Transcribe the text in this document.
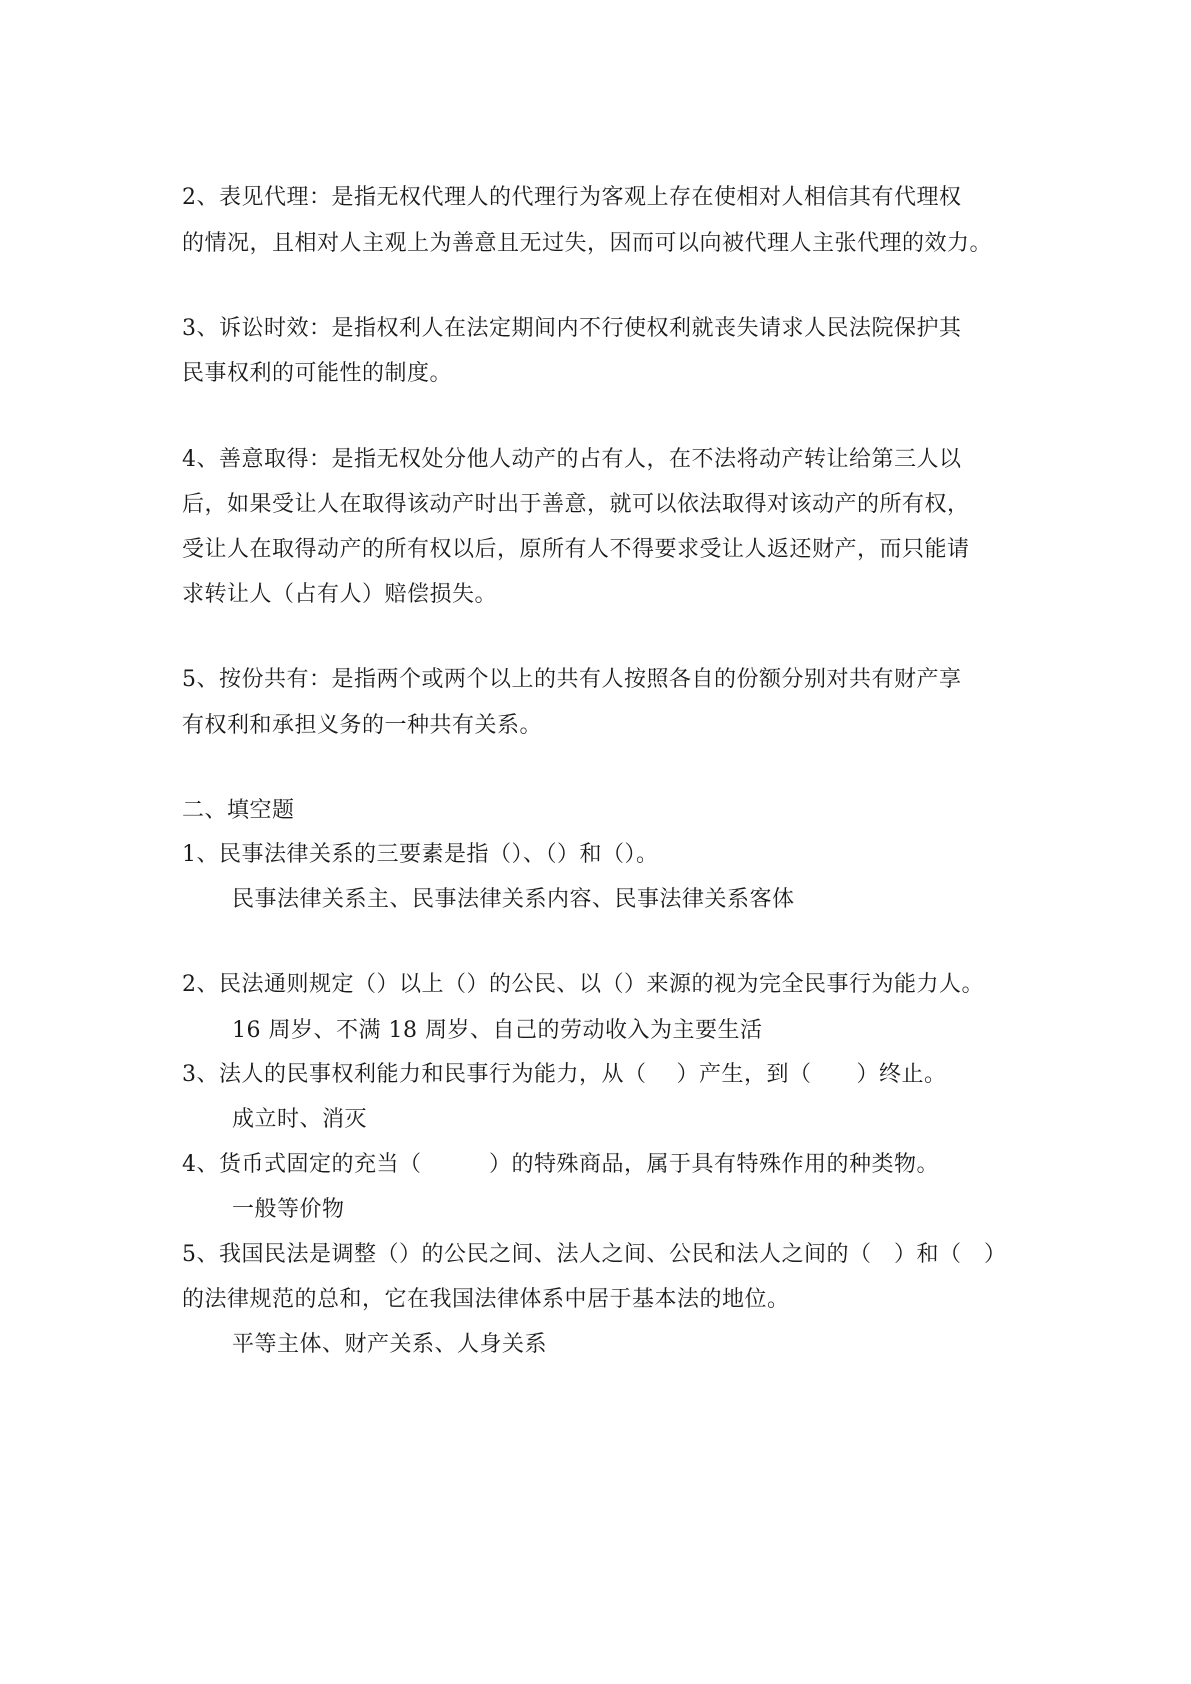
2、表见代理：是指无权代理人的代理行为客观上存在使相对人相信其有代理权
的情况，且相对人主观上为善意且无过失，因而可以向被代理人主张代理的效力。
3、诉讼时效：是指权利人在法定期间内不行使权利就丧失请求人民法院保护其
民事权利的可能性的制度。
4、善意取得：是指无权处分他人动产的占有人，在不法将动产转让给第三人以
后，如果受让人在取得该动产时出于善意，就可以依法取得对该动产的所有权，
受让人在取得动产的所有权以后，原所有人不得要求受让人返还财产，而只能请
求转让人（占有人）赔偿损失。
5、按份共有：是指两个或两个以上的共有人按照各自的份额分别对共有财产享
有权利和承担义务的一种共有关系。
二、填空题
1、民事法律关系的三要素是指（）、（）和（）。
民事法律关系主、民事法律关系内容、民事法律关系客体
2、民法通则规定（）以上（）的公民、以（）来源的视为完全民事行为能力人。
16 周岁、不满 18 周岁、自己的劳动收入为主要生活
3、法人的民事权利能力和民事行为能力，从（　 ）产生，到（　　）终止。
成立时、消灭
4、货币式固定的充当（　　　）的特殊商品，属于具有特殊作用的种类物。
一般等价物
5、我国民法是调整（）的公民之间、法人之间、公民和法人之间的（　）和（　）
的法律规范的总和，它在我国法律体系中居于基本法的地位。
平等主体、财产关系、人身关系
